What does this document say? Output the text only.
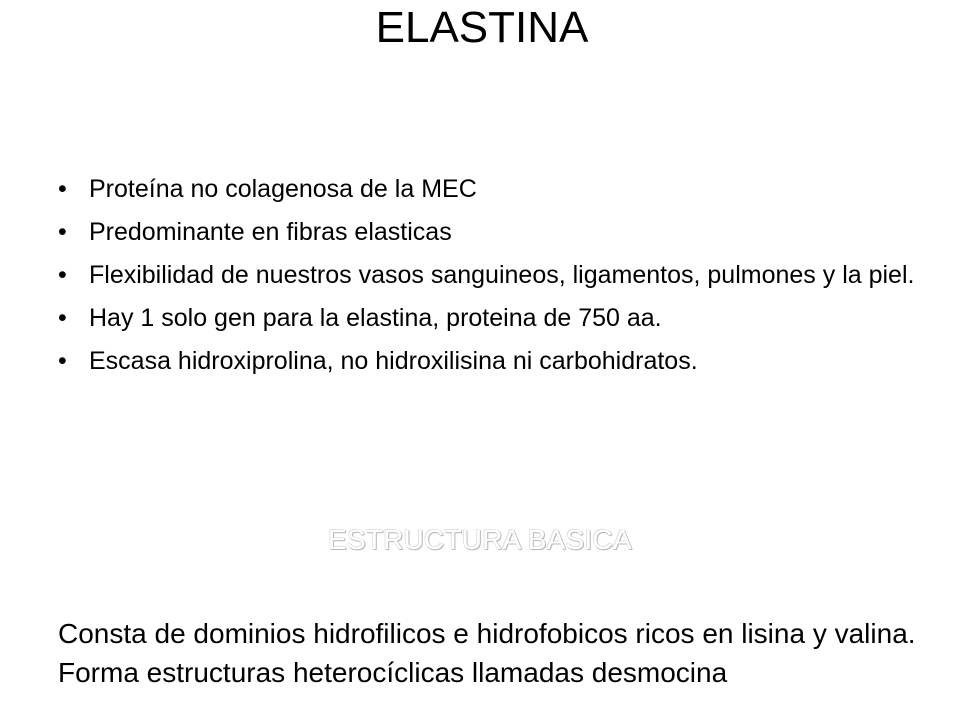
ELASTINA
• Proteína no colagenosa de la MEC
• Predominante en fibras elasticas
• Flexibilidad de nuestros vasos sanguineos, ligamentos, pulmones y la piel.
• Hay 1 solo gen para la elastina, proteina de 750 aa.
• Escasa hidroxiprolina, no hidroxilisina ni carbohidratos.
ESTRUCTURA BASICA

Consta de dominios hidrofilicos e hidrofobicos ricos en lisina y valina.

Forma estructuras heterocíclicas llamadas desmocina
